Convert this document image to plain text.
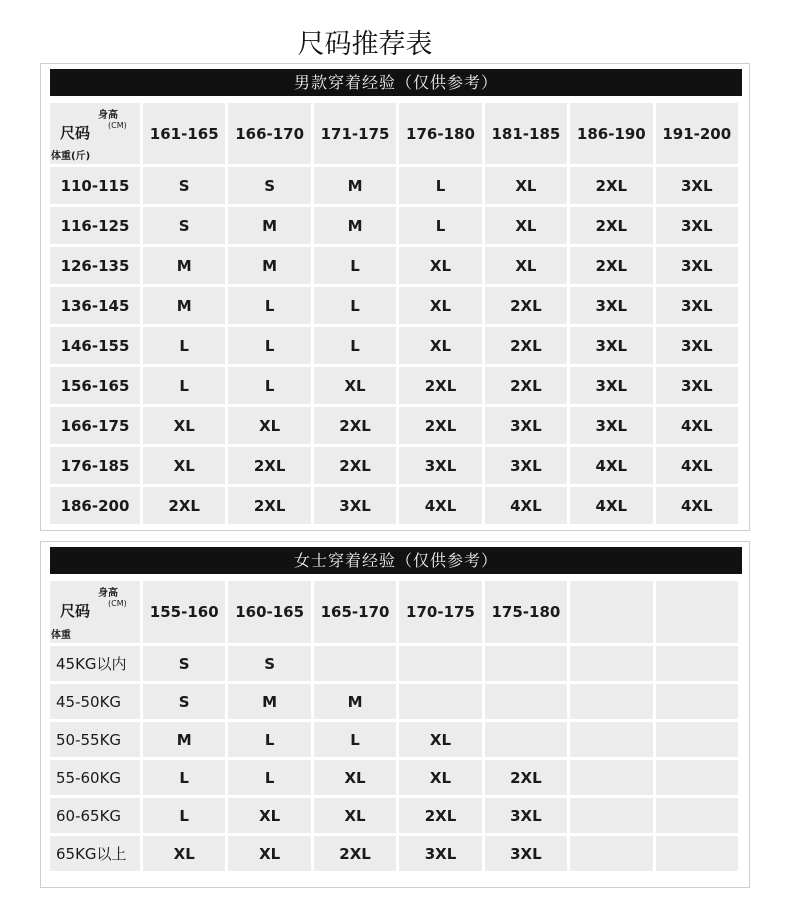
尺码推荐表
男款穿着经验（仅供参考）
身高
(CM)
尺码
体重(斤)	161-165	166-170	171-175	176-180	181-185	186-190	191-200
110-115	S	S	M	L	XL	2XL	3XL
116-125	S	M	M	L	XL	2XL	3XL
126-135	M	M	L	XL	XL	2XL	3XL
136-145	M	L	L	XL	2XL	3XL	3XL
146-155	L	L	L	XL	2XL	3XL	3XL
156-165	L	L	XL	2XL	2XL	3XL	3XL
166-175	XL	XL	2XL	2XL	3XL	3XL	4XL
176-185	XL	2XL	2XL	3XL	3XL	4XL	4XL
186-200	2XL	2XL	3XL	4XL	4XL	4XL	4XL
女士穿着经验（仅供参考）
身高
(CM)
尺码
体重	155-160	160-165	165-170	170-175	175-180		
45KG以内	S	S					
45-50KG	S	M	M				
50-55KG	M	L	L	XL			
55-60KG	L	L	XL	XL	2XL		
60-65KG	L	XL	XL	2XL	3XL		
65KG以上	XL	XL	2XL	3XL	3XL		
